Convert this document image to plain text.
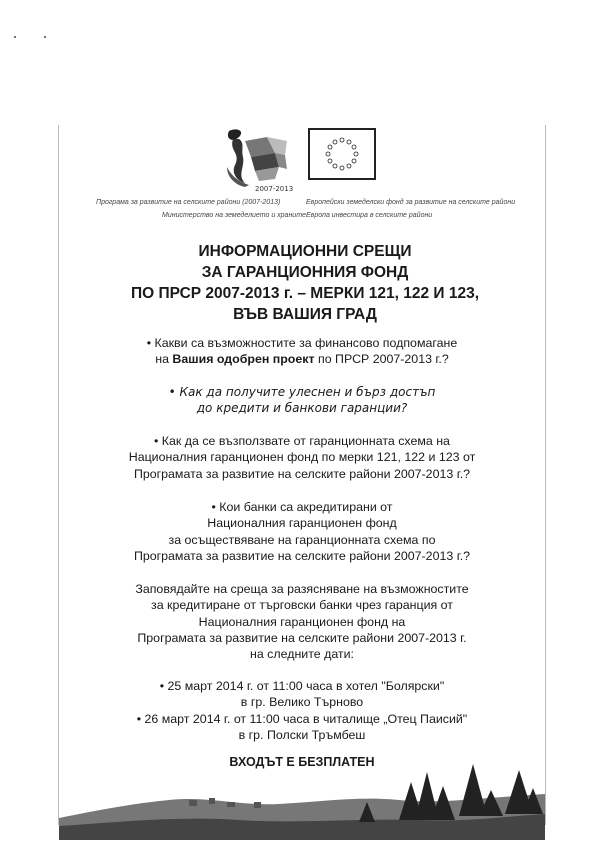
2007-2013
Програма за развитие на селските райони (2007-2013)
Министерство на земеделието и храните
Европейски земеделски фонд за развитие на селските райони
Европа инвестира в селските райони
ИНФОРМАЦИОННИ СРЕЩИ
ЗА ГАРАНЦИОННИЯ ФОНД
ПО ПРСР 2007-2013 г. – МЕРКИ 121, 122 И 123,
ВЪВ ВАШИЯ ГРАД
• Какви са възможностите за финансово подпомагане
на Вашия одобрен проект по ПРСР 2007-2013 г.?
• Как да получите улеснен и бърз достъп
до кредити и банкови гаранции?
• Как да се възползвате от гаранционната схема на
Националния гаранционен фонд по мерки 121, 122 и 123 от
Програмата за развитие на селските райони 2007-2013 г.?
• Кои банки са акредитирани от
Националния гаранционен фонд
за осъществяване на гаранционната схема по
Програмата за развитие на селските райони 2007-2013 г.?
Заповядайте на среща за разясняване на възможностите
за кредитиране от търговски банки чрез гаранция от
Националния гаранционен фонд на
Програмата за развитие на селските райони 2007-2013 г.
на следните дати:
• 25 март 2014 г. от 11:00 часа в хотел "Болярски"
в гр. Велико Търново
• 26 март 2014 г. от 11:00 часа в читалище „Отец Паисий"
в гр. Полски Тръмбеш
ВХОДЪТ Е БЕЗПЛАТЕН
